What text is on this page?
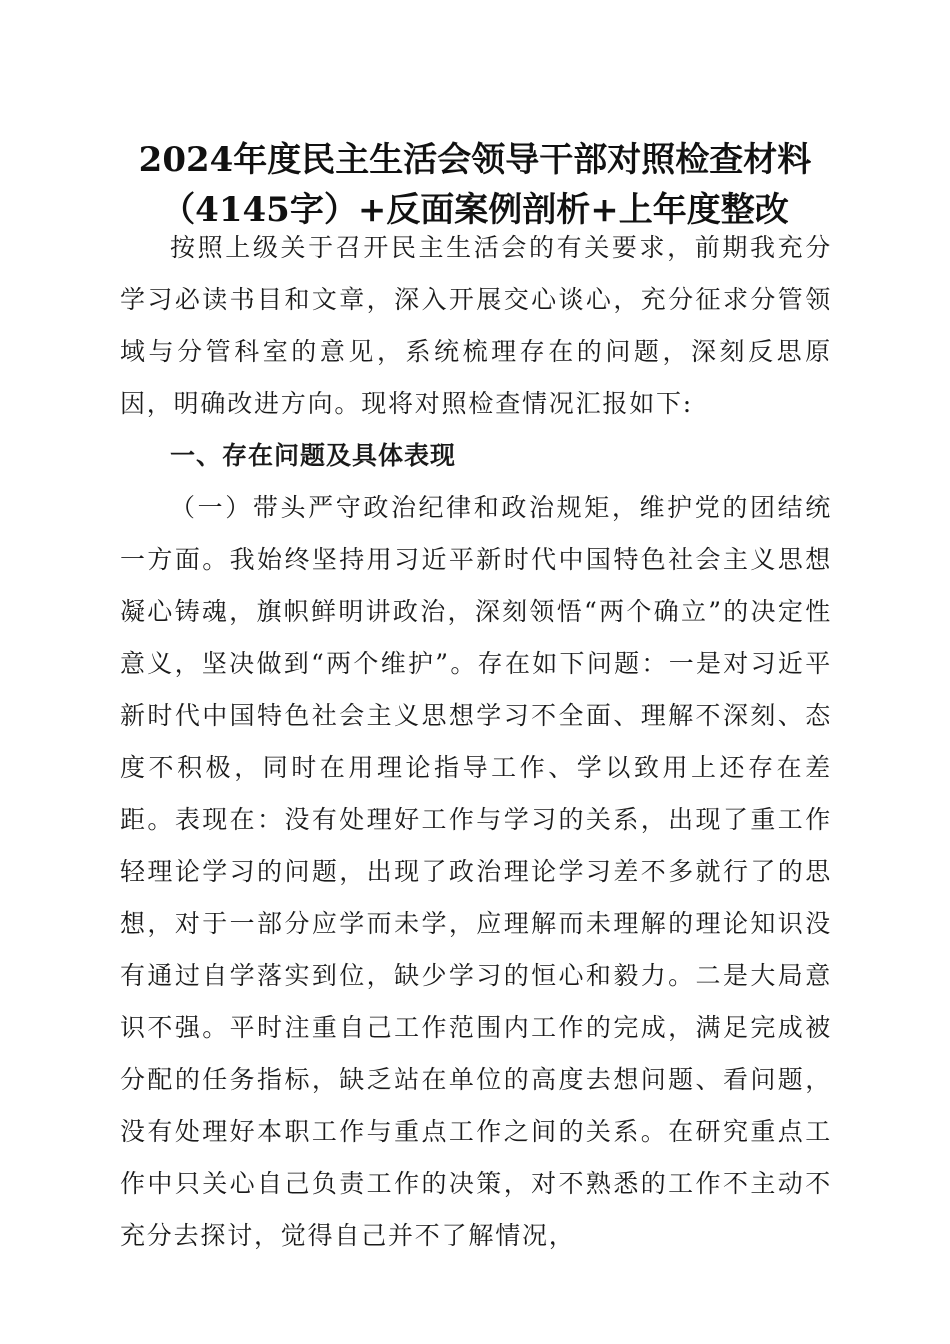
2024年度民主生活会领导干部对照检查材料
（4145字）+反面案例剖析+上年度整改

按照上级关于召开民主生活会的有关要求，前期我充分学习必读书目和文章，深入开展交心谈心，充分征求分管领域与分管科室的意见，系统梳理存在的问题，深刻反思原因，明确改进方向。现将对照检查情况汇报如下:

一、存在问题及具体表现

（一）带头严守政治纪律和政治规矩，维护党的团结统一方面。我始终坚持用习近平新时代中国特色社会主义思想凝心铸魂，旗帜鲜明讲政治，深刻领悟“两个确立”的决定性意义，坚决做到“两个维护”。存在如下问题：一是对习近平新时代中国特色社会主义思想学习不全面、理解不深刻、态度不积极，同时在用理论指导工作、学以致用上还存在差距。表现在：没有处理好工作与学习的关系，出现了重工作轻理论学习的问题，出现了政治理论学习差不多就行了的思想，对于一部分应学而未学，应理解而未理解的理论知识没有通过自学落实到位，缺少学习的恒心和毅力。二是大局意识不强。平时注重自己工作范围内工作的完成，满足完成被分配的任务指标，缺乏站在单位的高度去想问题、看问题，没有处理好本职工作与重点工作之间的关系。在研究重点工作中只关心自己负责工作的决策，对不熟悉的工作不主动不充分去探讨，觉得自己并不了解情况，
